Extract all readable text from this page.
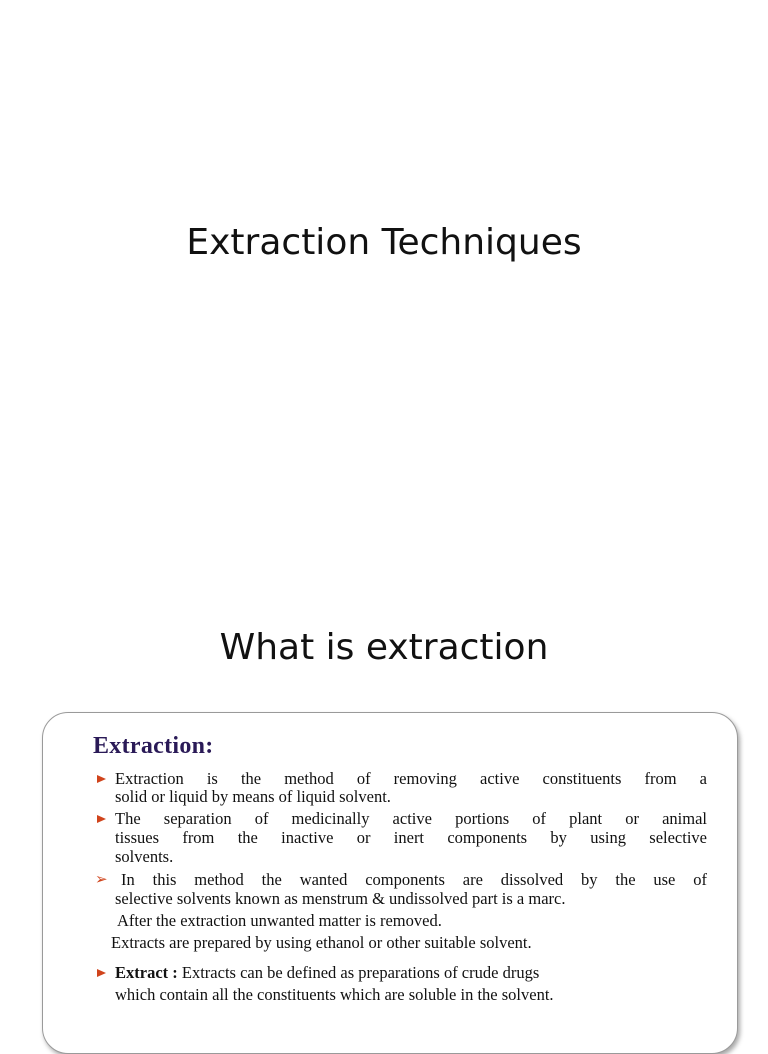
Extraction Techniques
What is extraction
Extraction:
Extraction is the method of removing active constituents from a
solid or liquid by means of liquid solvent.
The separation of medicinally active portions of plant or animal
tissues from the inactive or inert components by using selective
solvents.
➢ In this method the wanted components are dissolved by the use of
selective solvents known as menstrum & undissolved part is a marc.
After the extraction unwanted matter is removed.
Extracts are prepared by using ethanol or other suitable solvent.
Extract : Extracts can be defined as preparations of crude drugs
which contain all the constituents which are soluble in the solvent.
